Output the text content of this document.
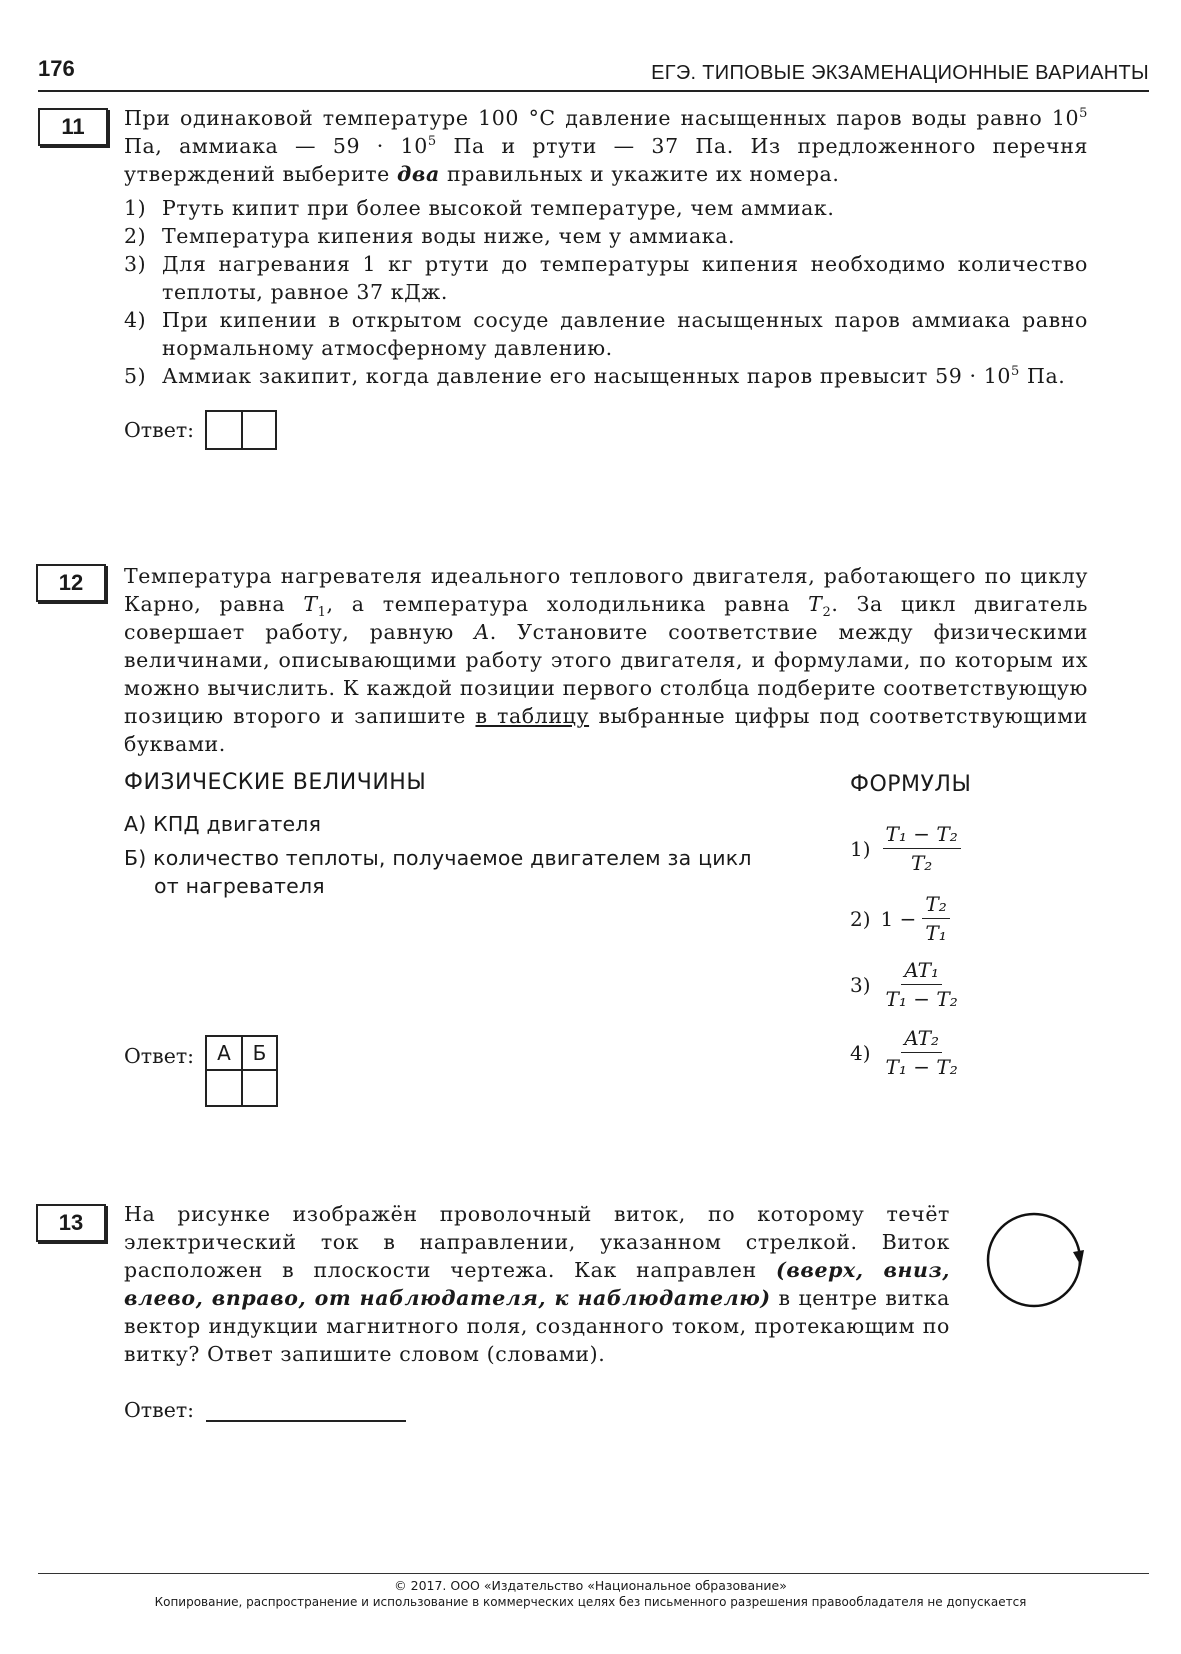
176	ЕГЭ. ТИПОВЫЕ ЭКЗАМЕНАЦИОННЫЕ ВАРИАНТЫ
11	При одинаковой температуре 100 °C давление насыщенных паров воды равно $10^5$ Па, аммиака — $59 \cdot 10^5$ Па и ртути — 37 Па. Из предложенного перечня утверждений выберите два правильных и укажите их номера.
1) Ртуть кипит при более высокой температуре, чем аммиак.
2) Температура кипения воды ниже, чем у аммиака.
3) Для нагревания 1 кг ртути до температуры кипения необходимо количество теплоты, равное 37 кДж.
4) При кипении в открытом сосуде давление насыщенных паров аммиака равно нормальному атмосферному давлению.
5) Аммиак закипит, когда давление его насыщенных паров превысит $59 \cdot 10^5$ Па.
Ответ:
12	Температура нагревателя идеального теплового двигателя, работающего по циклу Карно, равна $T_1$, а температура холодильника равна $T_2$. За цикл двигатель совершает работу, равную A. Установите соответствие между физическими величинами, описывающими работу этого двигателя, и формулами, по которым их можно вычислить. К каждой позиции первого столбца подберите соответствующую позицию второго и запишите в таблицу выбранные цифры под соответствующими буквами.
ФИЗИЧЕСКИЕ ВЕЛИЧИНЫ	ФОРМУЛЫ
А) КПД двигателя
Б) количество теплоты, получаемое двигателем за цикл
от нагревателя
$1) \frac{\text{T₁ − T₂}}{\text{T₂}}$
2) $1 - \frac{\text{T₂}}{\text{T₁}}$
$3) \frac{\text{AT₁}}{\text{T₁ − T₂}}$
$4) \frac{\text{AT₂}}{\text{T₁ − T₂}}$
Ответ:	А	Б
13	На рисунке изображён проволочный виток, по которому течёт электрический ток в направлении, указанном стрелкой. Виток расположен в плоскости чертежа. Как направлен (вверх, вниз, влево, вправо, от наблюдателя, к наблюдателю) в центре витка вектор индукции магнитного поля, созданного током, протекающим по витку? Ответ запишите словом (словами).
Ответ:
© 2017. ООО «Издательство «Национальное образование»
Копирование, распространение и использование в коммерческих целях без письменного разрешения правообладателя не допускается
